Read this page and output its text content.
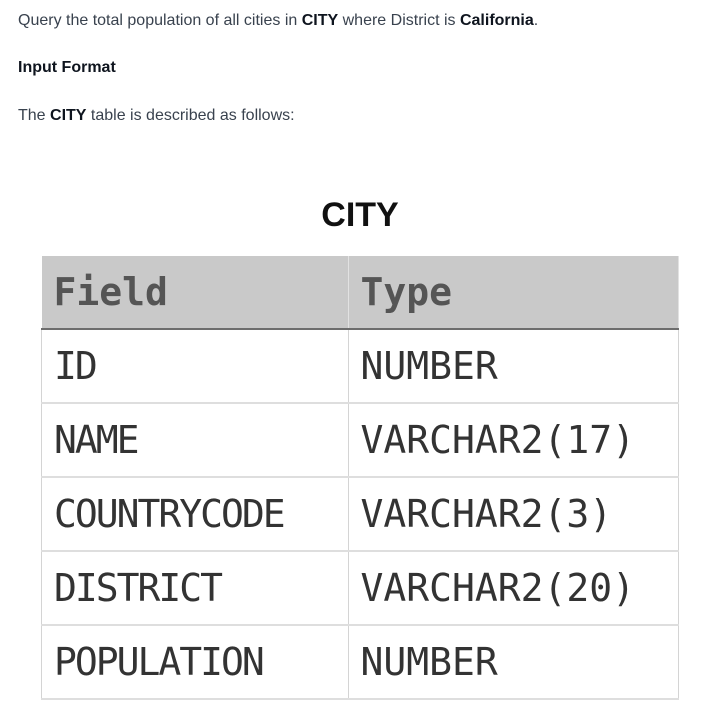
Query the total population of all cities in CITY where District is California.

Input Format

The CITY table is described as follows:

CITY
Field	Type
ID	NUMBER
NAME	VARCHAR2(17)
COUNTRYCODE	VARCHAR2(3)
DISTRICT	VARCHAR2(20)
POPULATION	NUMBER
